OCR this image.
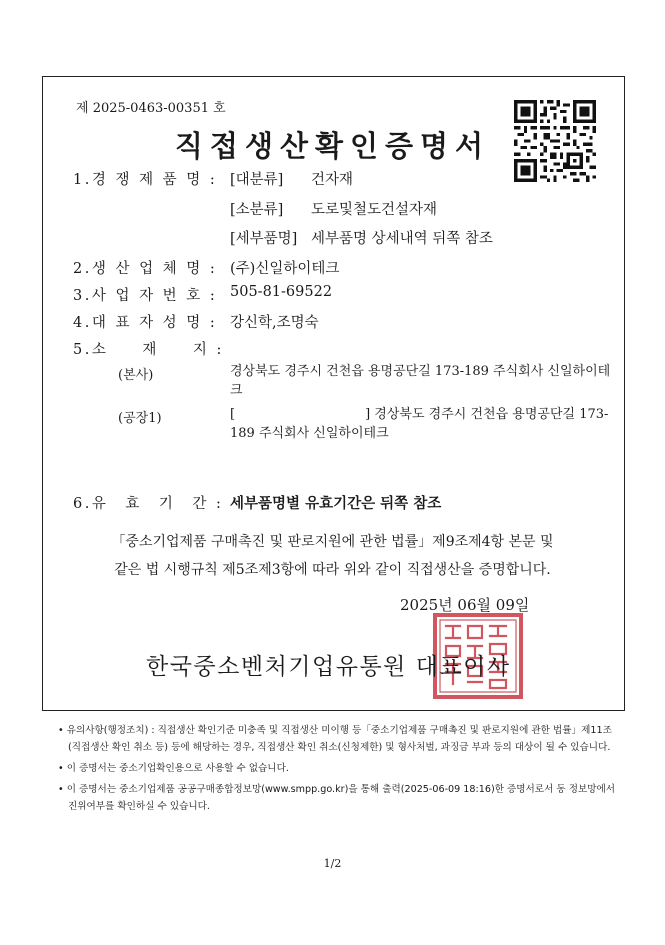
제 2025-0463-00351 호
직접생산확인증명서
1.경 쟁 제 품 명 : [대분류] 건자재
[소분류] 도로및철도건설자재
[세부품명] 세부품명 상세내역 뒤쪽 참조
2.생 산 업 체 명 : (주)신일하이테크
3.사 업 자 번 호 : 505-81-69522
4.대 표 자 성 명 : 강신학,조명숙
5.소　　재　　지 :
(본사)	경상북도 경주시 건천읍 용명공단길 173-189 주식회사 신일하이테크
(공장1)	[　　　　　　　　　　] 경상북도 경주시 건천읍 용명공단길 173-189 주식회사 신일하이테크
6.유　효　기　간 : 세부품명별 유효기간은 뒤쪽 참조
「중소기업제품 구매촉진 및 판로지원에 관한 법률」제9조제4항 본문 및
같은 법 시행규칙 제5조제3항에 따라 위와 같이 직접생산을 증명합니다.
2025년 06월 09일
한국중소벤처기업유통원 대표이사

• 유의사항(행정조치) : 직접생산 확인기준 미충족 및 직접생산 미이행 등「중소기업제품 구매촉진 및 판로지원에 관한 법률」제11조(직접생산 확인 취소 등) 등에 해당하는 경우, 직접생산 확인 취소(신청제한) 및 형사처벌, 과징금 부과 등의 대상이 될 수 있습니다.

• 이 증명서는 중소기업확인용으로 사용할 수 없습니다.

• 이 증명서는 중소기업제품 공공구매종합정보망(www.smpp.go.kr)을 통해 출력(2025-06-09 18:16)한 증명서로서 동 정보망에서 진위여부를 확인하실 수 있습니다.

1/2
